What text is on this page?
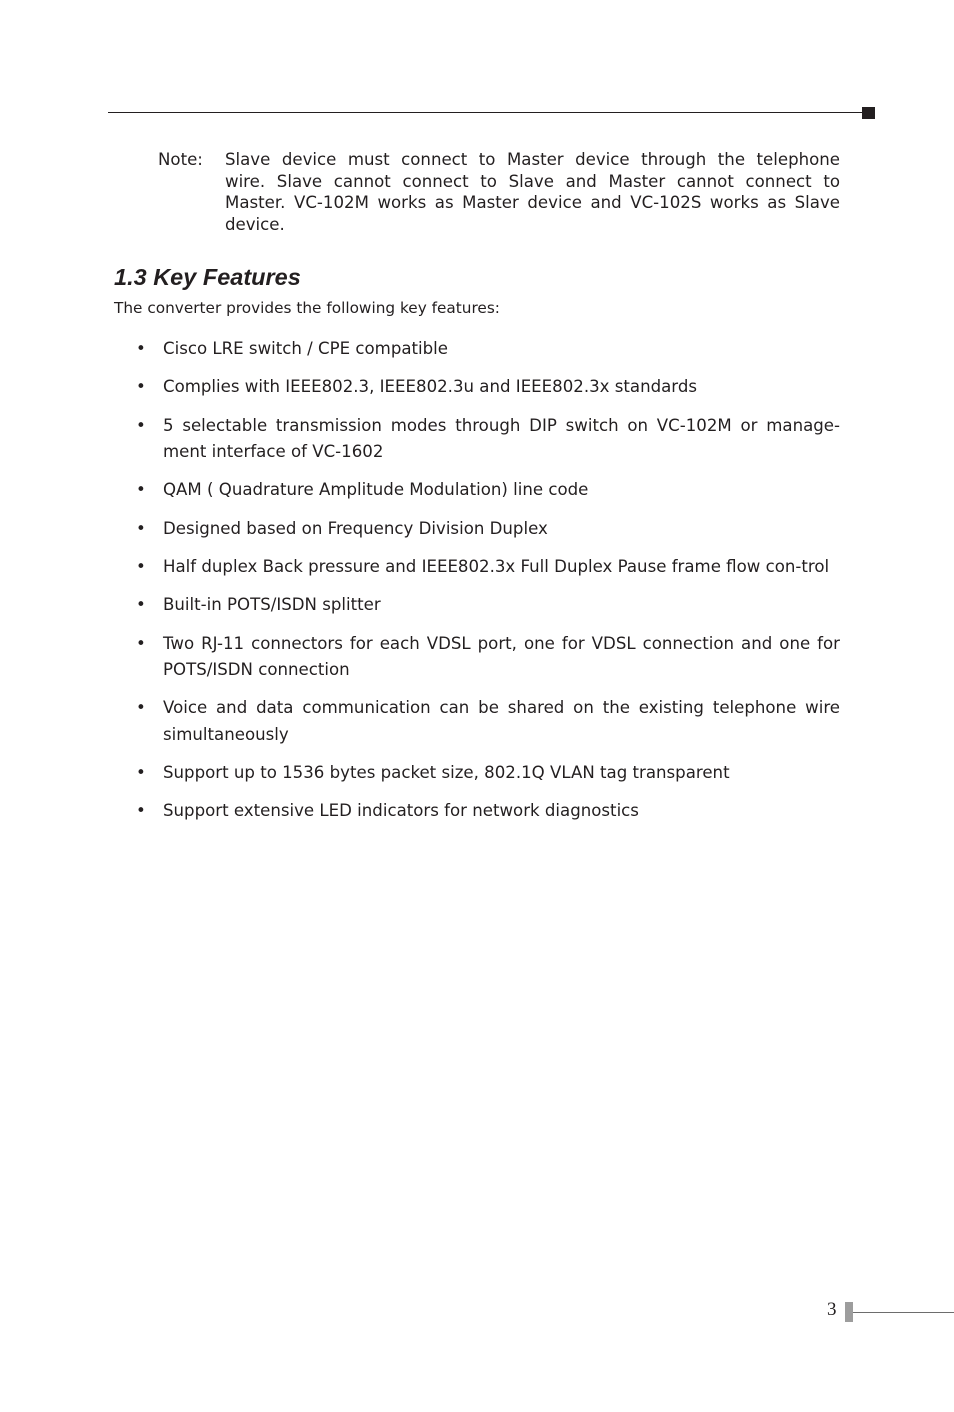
Note: Slave device must connect to Master device through the telephone wire. Slave cannot connect to Slave and Master cannot connect to Master. VC-102M works as Master device and VC-102S works as Slave device.
1.3 Key Features
The converter provides the following key features:
• Cisco LRE switch / CPE compatible
• Complies with IEEE802.3, IEEE802.3u and IEEE802.3x standards
• 5 selectable transmission modes through DIP switch on VC-102M or manage-ment interface of VC-1602
• QAM ( Quadrature Amplitude Modulation) line code
• Designed based on Frequency Division Duplex
• Half duplex Back pressure and IEEE802.3x Full Duplex Pause frame flow con-trol
• Built-in POTS/ISDN splitter
• Two RJ-11 connectors for each VDSL port, one for VDSL connection and one for POTS/ISDN connection
• Voice and data communication can be shared on the existing telephone wire simultaneously
• Support up to 1536 bytes packet size, 802.1Q VLAN tag transparent
• Support extensive LED indicators for network diagnostics
3
